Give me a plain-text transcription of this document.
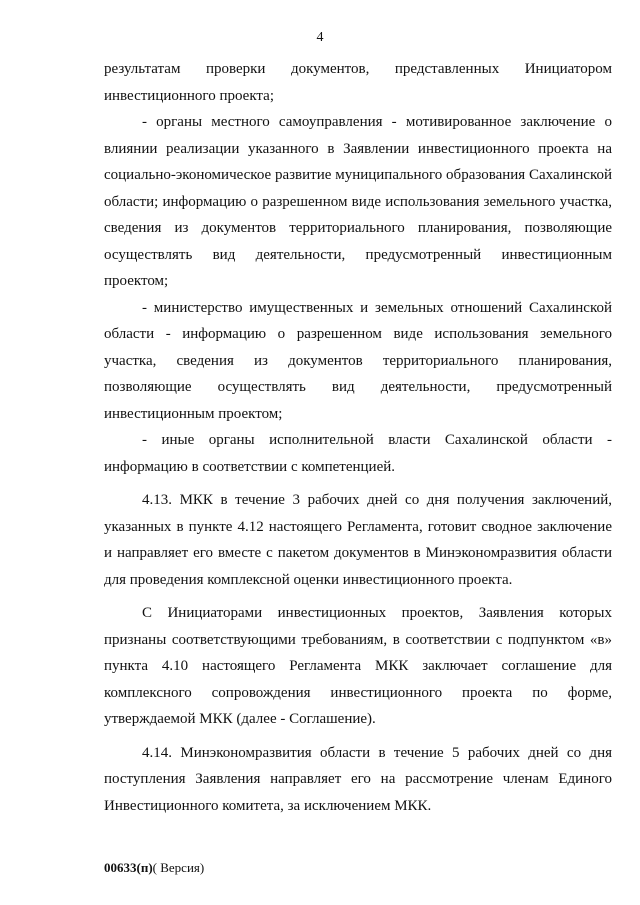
4

результатам проверки документов, представленных Инициатором инвестиционного проекта;

- органы местного самоуправления - мотивированное заключение о влиянии реализации указанного в Заявлении инвестиционного проекта на социально-экономическое развитие муниципального образования Сахалинской области; информацию о разрешенном виде использования земельного участка, сведения из документов территориального планирования, позволяющие осуществлять вид деятельности, предусмотренный инвестиционным проектом;

- министерство имущественных и земельных отношений Сахалинской области - информацию о разрешенном виде использования земельного участка, сведения из документов территориального планирования, позволяющие осуществлять вид деятельности, предусмотренный инвестиционным проектом;

- иные органы исполнительной власти Сахалинской области - информацию в соответствии с компетенцией.

4.13. МКК в течение 3 рабочих дней со дня получения заключений, указанных в пункте 4.12 настоящего Регламента, готовит сводное заключение и направляет его вместе с пакетом документов в Минэкономразвития области для проведения комплексной оценки инвестиционного проекта.

С Инициаторами инвестиционных проектов, Заявления которых признаны соответствующими требованиям, в соответствии с подпунктом «в» пункта 4.10 настоящего Регламента МКК заключает соглашение для комплексного сопровождения инвестиционного проекта по форме, утверждаемой МКК (далее - Соглашение).

4.14. Минэкономразвития области в течение 5 рабочих дней со дня поступления Заявления направляет его на рассмотрение членам Единого Инвестиционного комитета, за исключением МКК.

00633(п)( Версия)
